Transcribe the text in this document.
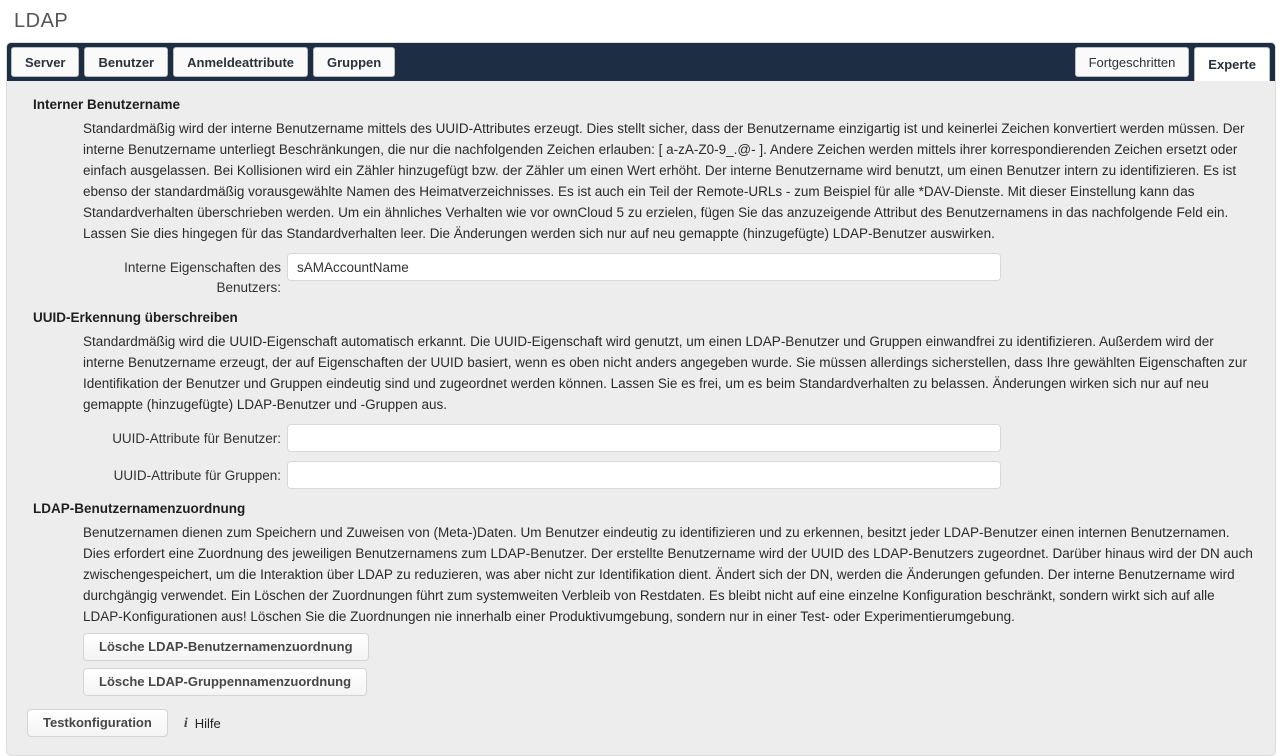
LDAP
Server	Benutzer	Anmeldeattribute	Gruppen	Fortgeschritten	Experte
Interner Benutzername

Standardmäßig wird der interne Benutzername mittels des UUID-Attributes erzeugt. Dies stellt sicher, dass der Benutzername einzigartig ist und keinerlei Zeichen konvertiert werden müssen. Der interne Benutzername unterliegt Beschränkungen, die nur die nachfolgenden Zeichen erlauben: [ a-zA-Z0-9_.@- ]. Andere Zeichen werden mittels ihrer korrespondierenden Zeichen ersetzt oder einfach ausgelassen. Bei Kollisionen wird ein Zähler hinzugefügt bzw. der Zähler um einen Wert erhöht. Der interne Benutzername wird benutzt, um einen Benutzer intern zu identifizieren. Es ist ebenso der standardmäßig vorausgewählte Namen des Heimatverzeichnisses. Es ist auch ein Teil der Remote-URLs - zum Beispiel für alle *DAV-Dienste. Mit dieser Einstellung kann das Standardverhalten überschrieben werden. Um ein ähnliches Verhalten wie vor ownCloud 5 zu erzielen, fügen Sie das anzuzeigende Attribut des Benutzernamens in das nachfolgende Feld ein. Lassen Sie dies hingegen für das Standardverhalten leer. Die Änderungen werden sich nur auf neu gemappte (hinzugefügte) LDAP-Benutzer auswirken.

Interne Eigenschaften des Benutzers:
sAMAccountName
UUID-Erkennung überschreiben

Standardmäßig wird die UUID-Eigenschaft automatisch erkannt. Die UUID-Eigenschaft wird genutzt, um einen LDAP-Benutzer und Gruppen einwandfrei zu identifizieren. Außerdem wird der interne Benutzername erzeugt, der auf Eigenschaften der UUID basiert, wenn es oben nicht anders angegeben wurde. Sie müssen allerdings sicherstellen, dass Ihre gewählten Eigenschaften zur Identifikation der Benutzer und Gruppen eindeutig sind und zugeordnet werden können. Lassen Sie es frei, um es beim Standardverhalten zu belassen. Änderungen wirken sich nur auf neu gemappte (hinzugefügte) LDAP-Benutzer und -Gruppen aus.

UUID-Attribute für Benutzer:
UUID-Attribute für Gruppen:
LDAP-Benutzernamenzuordnung

Benutzernamen dienen zum Speichern und Zuweisen von (Meta-)Daten. Um Benutzer eindeutig zu identifizieren und zu erkennen, besitzt jeder LDAP-Benutzer einen internen Benutzernamen. Dies erfordert eine Zuordnung des jeweiligen Benutzernamens zum LDAP-Benutzer. Der erstellte Benutzername wird der UUID des LDAP-Benutzers zugeordnet. Darüber hinaus wird der DN auch zwischengespeichert, um die Interaktion über LDAP zu reduzieren, was aber nicht zur Identifikation dient. Ändert sich der DN, werden die Änderungen gefunden. Der interne Benutzername wird durchgängig verwendet. Ein Löschen der Zuordnungen führt zum systemweiten Verbleib von Restdaten. Es bleibt nicht auf eine einzelne Konfiguration beschränkt, sondern wirkt sich auf alle LDAP-Konfigurationen aus! Löschen Sie die Zuordnungen nie innerhalb einer Produktivumgebung, sondern nur in einer Test- oder Experimentierumgebung.

Lösche LDAP-Benutzernamenzuordnung
Lösche LDAP-Gruppennamenzuordnung
Testkonfiguration	i Hilfe
